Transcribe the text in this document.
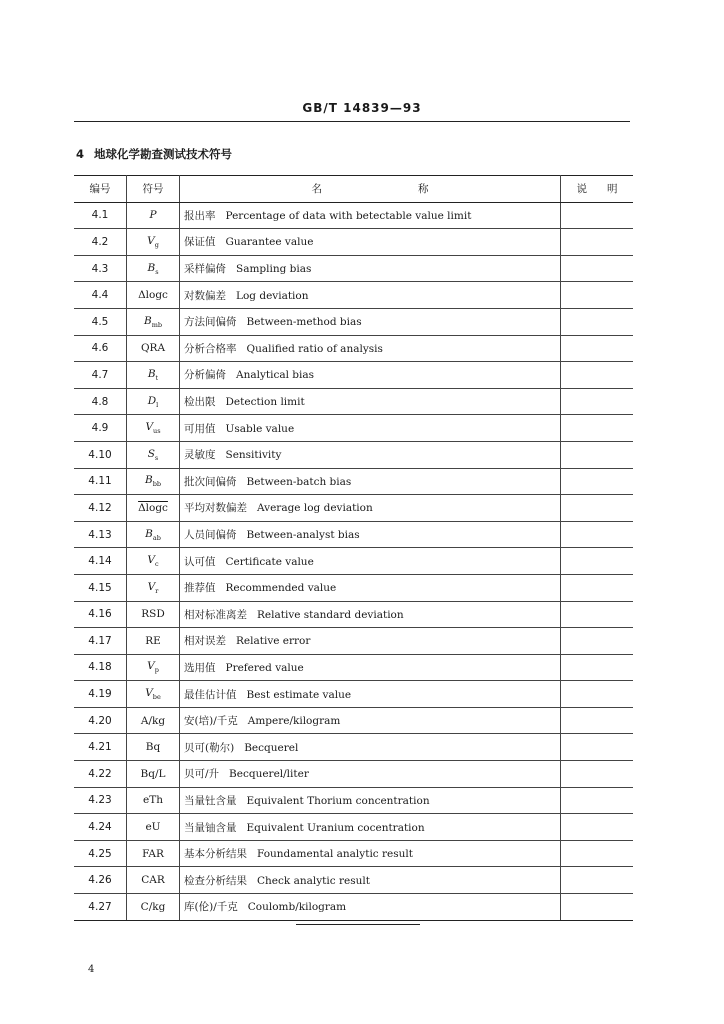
GB/T 14839—93
4 地球化学勘查测试技术符号
编号	符号	名 称	说 明
4.1	P	报出率 Percentage of data with betectable value limit	
4.2	$V_g$	保证值 Guarantee value	
4.3	$B_s$	采样偏倚 Sampling bias	
4.4	Δlogc	对数偏差 Log deviation	
4.5	$B_{mb}$	方法间偏倚 Between-method bias	
4.6	QRA	分析合格率 Qualified ratio of analysis	
4.7	$B_t$	分析偏倚 Analytical bias	
4.8	$D_l$	检出限 Detection limit	
4.9	$V_{us}$	可用值 Usable value	
4.10	$S_s$	灵敏度 Sensitivity	
4.11	$B_{bb}$	批次间偏倚 Between-batch bias	
4.12	Δlogc	平均对数偏差 Average log deviation	
4.13	$B_{ab}$	人员间偏倚 Between-analyst bias	
4.14	$V_c$	认可值 Certificate value	
4.15	$V_r$	推荐值 Recommended value	
4.16	RSD	相对标准离差 Relative standard deviation	
4.17	RE	相对误差 Relative error	
4.18	$V_p$	选用值 Prefered value	
4.19	$V_{be}$	最佳估计值 Best estimate value	
4.20	A/kg	安(培)/千克 Ampere/kilogram	
4.21	Bq	贝可(勒尔) Becquerel	
4.22	Bq/L	贝可/升 Becquerel/liter	
4.23	eTh	当量钍含量 Equivalent Thorium concentration	
4.24	eU	当量铀含量 Equivalent Uranium cocentration	
4.25	FAR	基本分析结果 Foundamental analytic result	
4.26	CAR	检查分析结果 Check analytic result	
4.27	C/kg	库(伦)/千克 Coulomb/kilogram	
4
